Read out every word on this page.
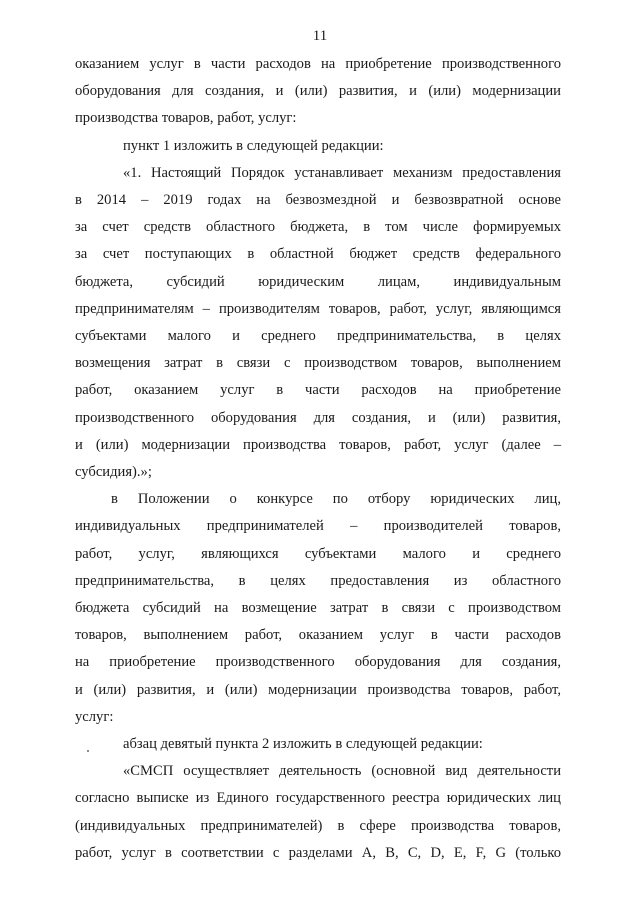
11
оказанием услуг в части расходов на приобретение производственного
оборудования для создания, и (или) развития, и (или) модернизации
производства товаров, работ, услуг:
пункт 1 изложить в следующей редакции:
«1. Настоящий Порядок устанавливает механизм предоставления
в 2014 – 2019 годах на безвозмездной и безвозвратной основе
за счет средств областного бюджета, в том числе формируемых
за счет поступающих в областной бюджет средств федерального
бюджета, субсидий юридическим лицам, индивидуальным
предпринимателям – производителям товаров, работ, услуг, являющимся
субъектами малого и среднего предпринимательства, в целях
возмещения затрат в связи с производством товаров, выполнением
работ, оказанием услуг в части расходов на приобретение
производственного оборудования для создания, и (или) развития,
и (или) модернизации производства товаров, работ, услуг (далее –
субсидия).»;
в Положении о конкурсе по отбору юридических лиц,
индивидуальных предпринимателей – производителей товаров,
работ, услуг, являющихся субъектами малого и среднего
предпринимательства, в целях предоставления из областного
бюджета субсидий на возмещение затрат в связи с производством
товаров, выполнением работ, оказанием услуг в части расходов
на приобретение производственного оборудования для создания,
и (или) развития, и (или) модернизации производства товаров, работ,
услуг:
абзац девятый пункта 2 изложить в следующей редакции:
«СМСП осуществляет деятельность (основной вид деятельности
согласно выписке из Единого государственного реестра юридических лиц
(индивидуальных предпринимателей) в сфере производства товаров,
работ, услуг в соответствии с разделами A, B, C, D, E, F, G (только
